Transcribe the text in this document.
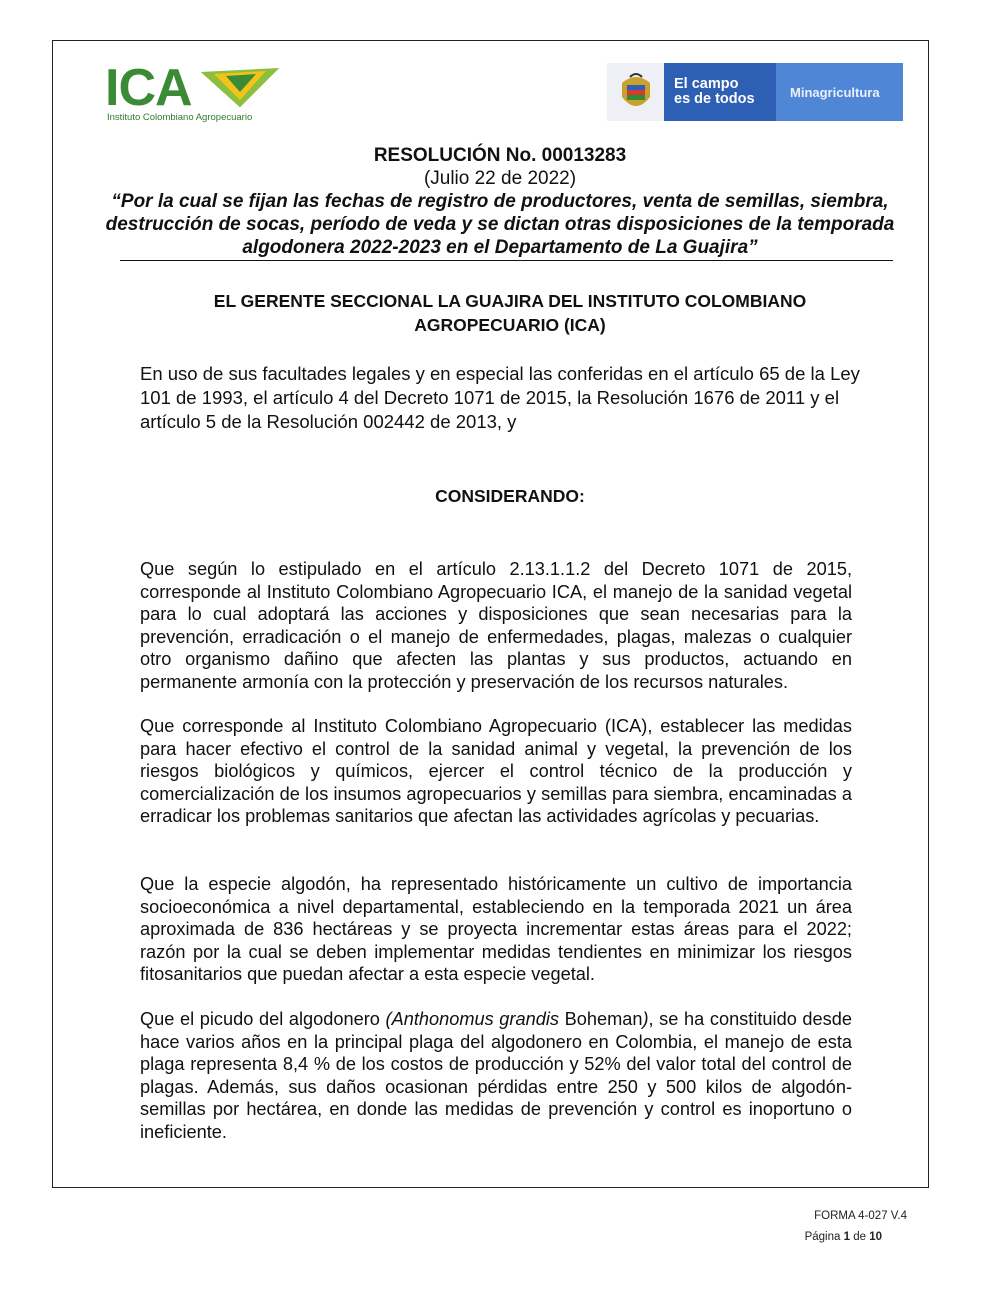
ICA
Instituto Colombiano Agropecuario
El campo
es de todos	Minagricultura
RESOLUCIÓN No. 00013283
(Julio 22 de 2022)
“Por la cual se fijan las fechas de registro de productores, venta de semillas, siembra, destrucción de socas, período de veda y se dictan otras disposiciones de la temporada algodonera 2022-2023 en el Departamento de La Guajira”
EL GERENTE SECCIONAL LA GUAJIRA DEL INSTITUTO COLOMBIANO AGROPECUARIO (ICA)
En uso de sus facultades legales y en especial las conferidas en el artículo 65 de la Ley 101 de 1993, el artículo 4 del Decreto 1071 de 2015, la Resolución 1676 de 2011 y el artículo 5 de la Resolución 002442 de 2013, y
CONSIDERANDO:
Que según lo estipulado en el artículo 2.13.1.1.2 del Decreto 1071 de 2015, corresponde al Instituto Colombiano Agropecuario ICA, el manejo de la sanidad vegetal para lo cual adoptará las acciones y disposiciones que sean necesarias para la prevención, erradicación o el manejo de enfermedades, plagas, malezas o cualquier otro organismo dañino que afecten las plantas y sus productos, actuando en permanente armonía con la protección y preservación de los recursos naturales.
Que corresponde al Instituto Colombiano Agropecuario (ICA), establecer las medidas para hacer efectivo el control de la sanidad animal y vegetal, la prevención de los riesgos biológicos y químicos, ejercer el control técnico de la producción y comercialización de los insumos agropecuarios y semillas para siembra, encaminadas a erradicar los problemas sanitarios que afectan las actividades agrícolas y pecuarias.
Que la especie algodón, ha representado históricamente un cultivo de importancia socioeconómica a nivel departamental, estableciendo en la temporada 2021 un área aproximada de 836 hectáreas y se proyecta incrementar estas áreas para el 2022; razón por la cual se deben implementar medidas tendientes en minimizar los riesgos fitosanitarios que puedan afectar a esta especie vegetal.
Que el picudo del algodonero (Anthonomus grandis Boheman), se ha constituido desde hace varios años en la principal plaga del algodonero en Colombia, el manejo de esta plaga representa 8,4 % de los costos de producción y 52% del valor total del control de plagas. Además, sus daños ocasionan pérdidas entre 250 y 500 kilos de algodón-semillas por hectárea, en donde las medidas de prevención y control es inoportuno o ineficiente.
FORMA 4-027 V.4
Página 1 de 10
